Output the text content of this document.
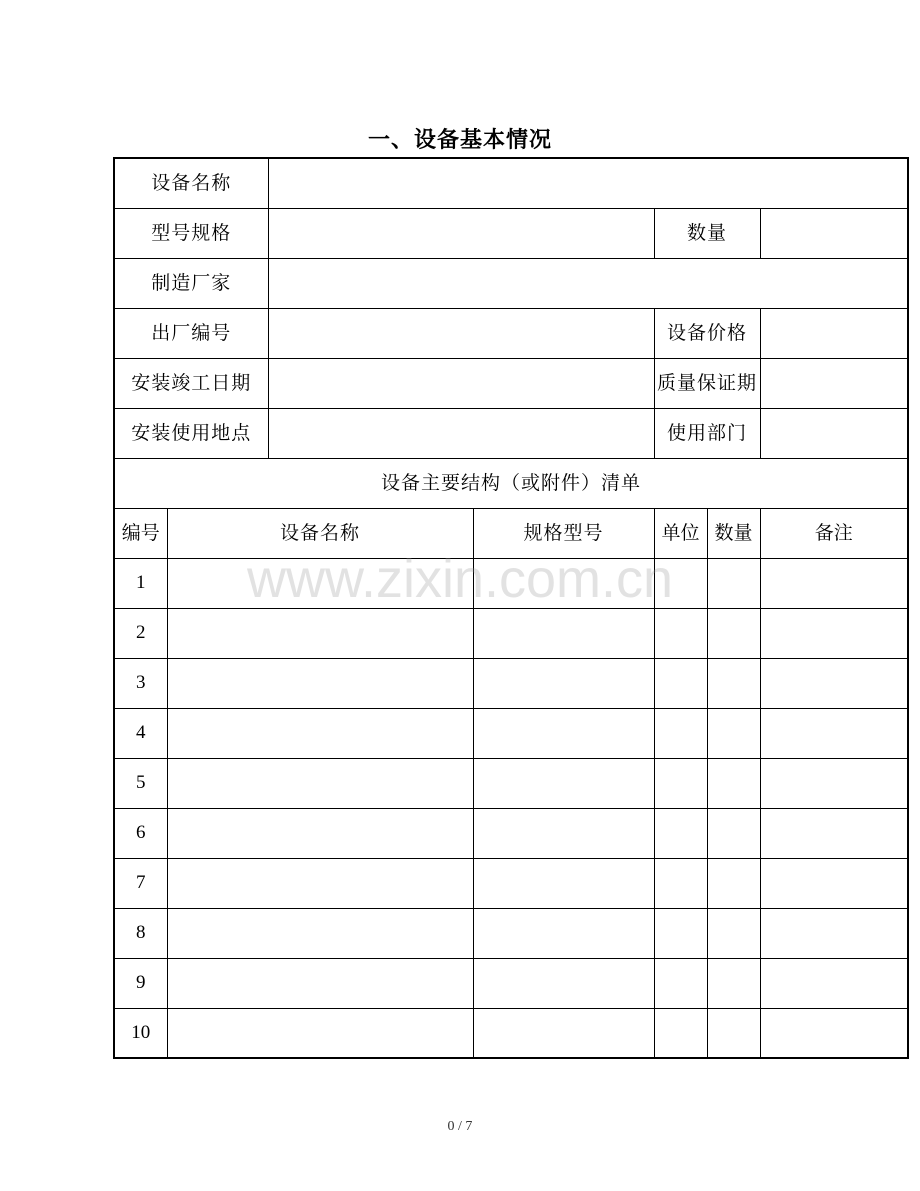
一、设备基本情况
设备名称						
型号规格				数量		
制造厂家						
出厂编号				设备价格		
安装竣工日期				质量保证期		
安装使用地点				使用部门		
设备主要结构（或附件）清单						
编号	设备名称		规格型号	单位	数量	备注
1						
2						
3						
4						
5						
6						
7						
8						
9						
10						
www.zixin.com.cn
0 / 7
